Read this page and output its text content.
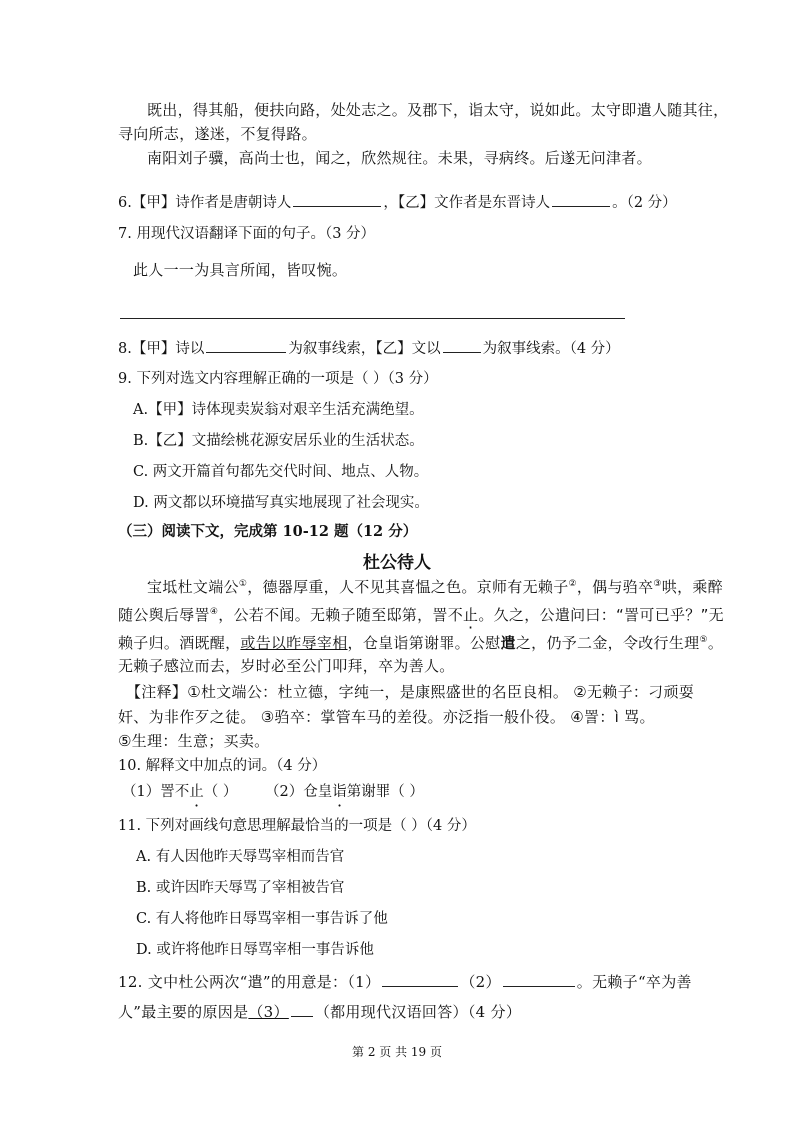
既出，得其船，便扶向路，处处志之。及郡下，诣太守，说如此。太守即遣人随其往，
寻向所志，遂迷，不复得路。
南阳刘子骥，高尚士也，闻之，欣然规往。未果，寻病终。后遂无问津者。
6.【甲】诗作者是唐朝诗人	，【乙】文作者是东晋诗人	。（2 分）
7. 用现代汉语翻译下面的句子。（3 分）
此人一一为具言所闻，皆叹惋。
8.【甲】诗以	为叙事线索，【乙】文以	为叙事线索。（4 分）
9. 下列对选文内容理解正确的一项是（ ）（3 分）
A.【甲】诗体现卖炭翁对艰辛生活充满绝望。
B.【乙】文描绘桃花源安居乐业的生活状态。
C. 两文开篇首句都先交代时间、地点、人物。
D. 两文都以环境描写真实地展现了社会现实。
（三）阅读下文，完成第 10-12 题（12 分）
杜公待人
宝坻杜文端公①，德器厚重，人不见其喜愠之色。京师有无赖子②，偶与驺卒③哄，乘醉
随公舆后辱詈④，公若不闻。无赖子随至邸第，詈不止。久之，公遣问曰：“詈可已乎？”无
赖子归。酒既醒，或告以昨辱宰相，仓皇诣第谢罪。公慰遣之，仍予二金，令改行生理⑤。
无赖子感泣而去，岁时必至公门叩拜，卒为善人。
【注释】①杜文端公：杜立德，字纯一，是康熙盛世的名臣良相。 ②无赖子：刁顽耍
奸、为非作歹之徒。 ③驺卒：掌管车马的差役。亦泛指一般仆役。 ④詈：ì 骂。
⑤生理：生意；买卖。
10. 解释文中加点的词。（4 分）
（1）詈不止（ ） （2）仓皇诣第谢罪（ ）
11. 下列对画线句意思理解最恰当的一项是（ ）（4 分）
A. 有人因他昨天辱骂宰相而告官
B. 或许因昨天辱骂了宰相被告官
C. 有人将他昨日辱骂宰相一事告诉了他
D. 或许将他昨日辱骂宰相一事告诉他
12. 文中杜公两次“遣”的用意是：（1）	（2）	。无赖子“卒为善
人”最主要的原因是（3） （都用现代汉语回答）（4 分）
第 2 页 共 19 页
